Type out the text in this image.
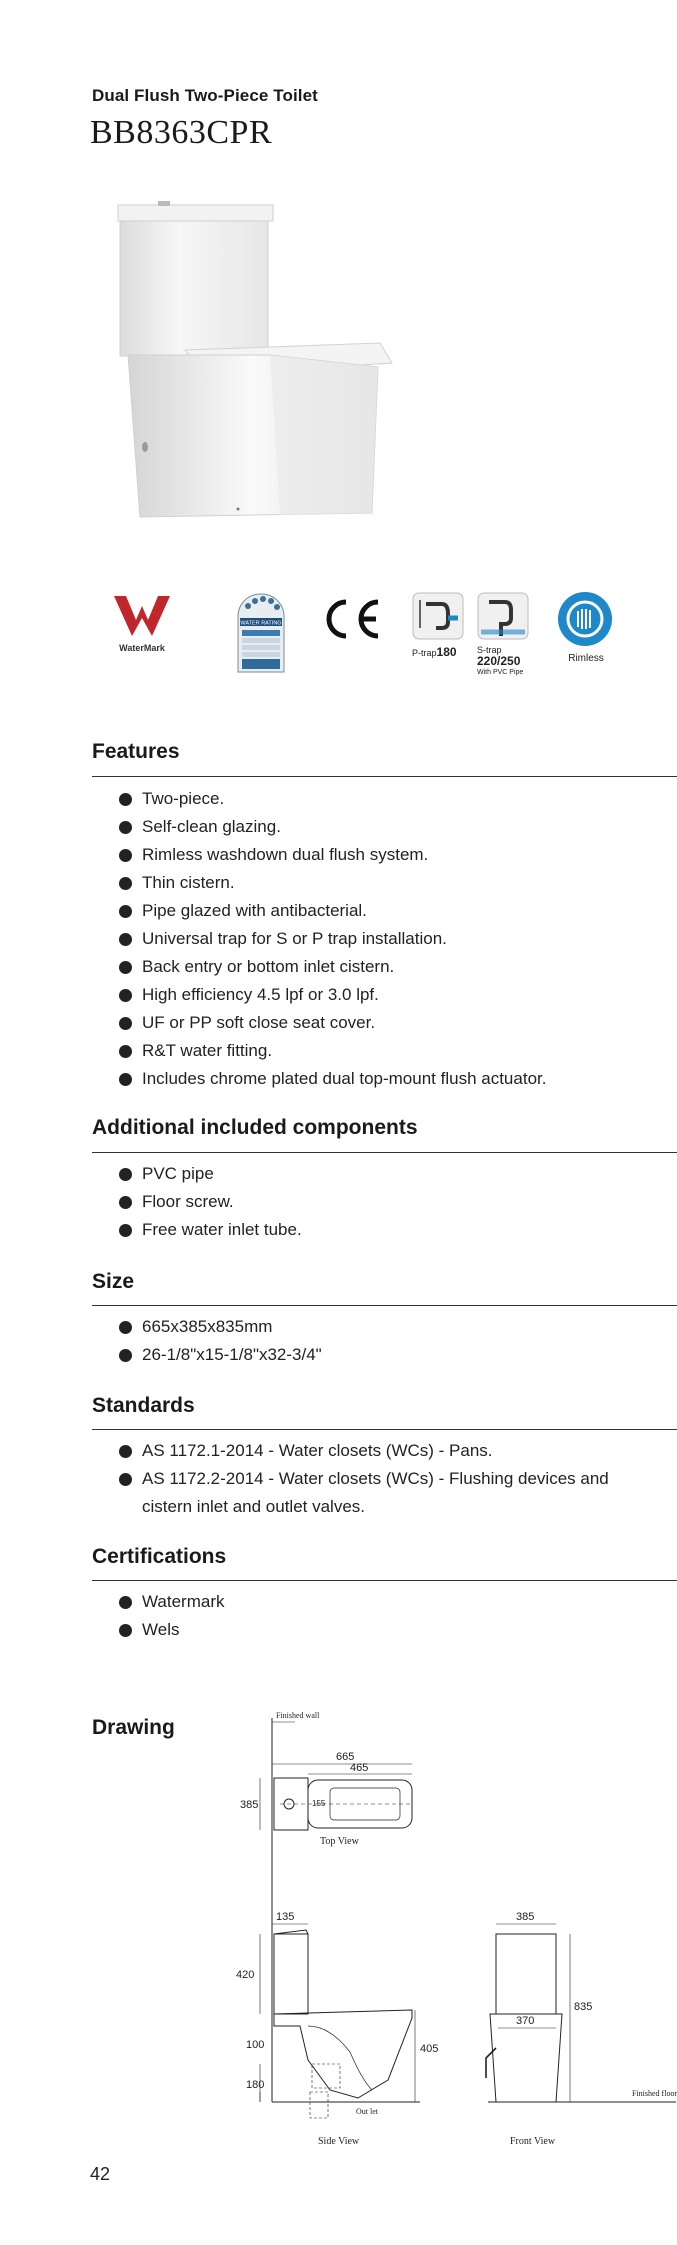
Dual Flush Two-Piece Toilet
BB8363CPR
WaterMark
WATER RATING
P-trap180	S-trap
220/250
With PVC Pipe
Rimless
Features
Two-piece.
Self-clean glazing.
Rimless washdown dual flush system.
Thin cistern.
Pipe glazed with antibacterial.
Universal trap for S or P trap installation.
Back entry or bottom inlet cistern.
High efficiency 4.5 lpf or 3.0 lpf.
UF or PP soft close seat cover.
R&T water fitting.
Includes chrome plated dual top-mount flush actuator.
Additional included components
PVC pipe
Floor screw.
Free water inlet tube.
Size
665x385x835mm
26-1/8"x15-1/8"x32-3/4"
Standards
AS 1172.1-2014 - Water closets (WCs) - Pans.
AS 1172.2-2014 - Water closets (WCs) - Flushing devices and cistern inlet and outlet valves.
Certifications
Watermark
Wels
Drawing
Finished wall
665
465
385	155
Top View
135
420
100
180
405
Out let
Side View
385
370
835
Finished floor
Front View
42
